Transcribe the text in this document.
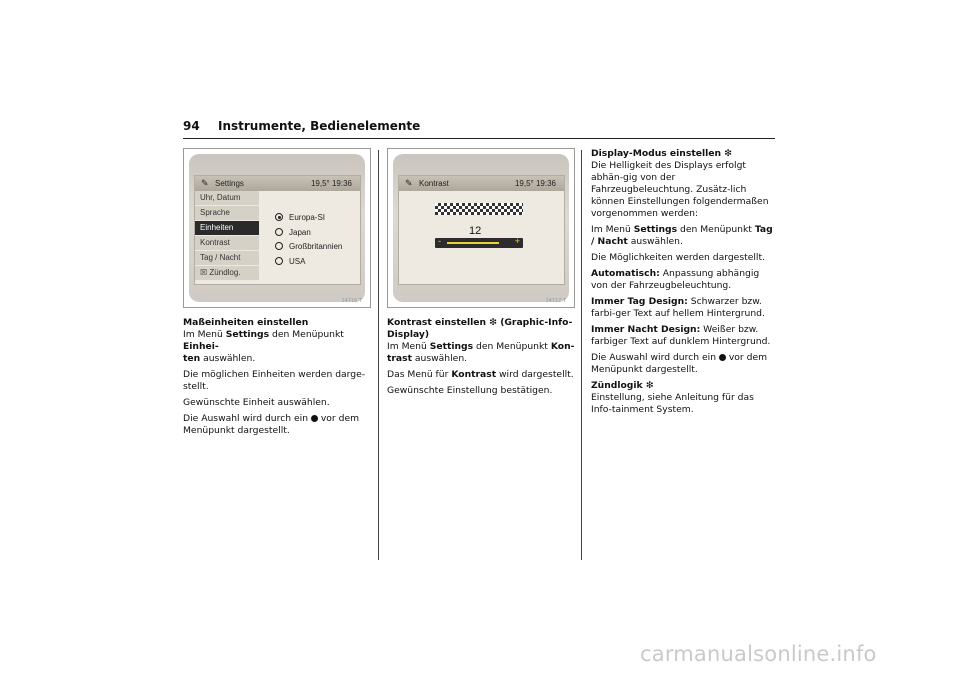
94 Instrumente, Bedienelemente
✎ Settings	19,5° 19:36
Uhr, Datum
Sprache
Einheiten
Kontrast
Tag / Nacht
☒ Zündlog.
Europa-SI
Japan
Großbritannien
USA
14716 T
✎ Kontrast	19,5° 19:36
12
-	+
14717 T

Maßeinheiten einstellen

Im Menü Settings den Menüpunkt Einhei-
ten auswählen.

Die möglichen Einheiten werden darge-stellt.

Gewünschte Einheit auswählen.

Die Auswahl wird durch ein vor dem Menüpunkt dargestellt.

Kontrast einstellen ❇ (Graphic-Info-Display)

Im Menü Settings den Menüpunkt Kon-
trast auswählen.

Das Menü für Kontrast wird dargestellt.

Gewünschte Einstellung bestätigen.

Display-Modus einstellen ❇

Die Helligkeit des Displays erfolgt abhän-gig von der Fahrzeugbeleuchtung. Zusätz-lich können Einstellungen folgendermaßen vorgenommen werden:

Im Menü Settings den Menüpunkt Tag / Nacht auswählen.

Die Möglichkeiten werden dargestellt.

Automatisch: Anpassung abhängig von der Fahrzeugbeleuchtung.

Immer Tag Design: Schwarzer bzw. farbi-ger Text auf hellem Hintergrund.

Immer Nacht Design: Weißer bzw. farbiger Text auf dunklem Hintergrund.

Die Auswahl wird durch ein vor dem Menüpunkt dargestellt.

Zündlogik ❇

Einstellung, siehe Anleitung für das Info-tainment System.

carmanualsonline.info
